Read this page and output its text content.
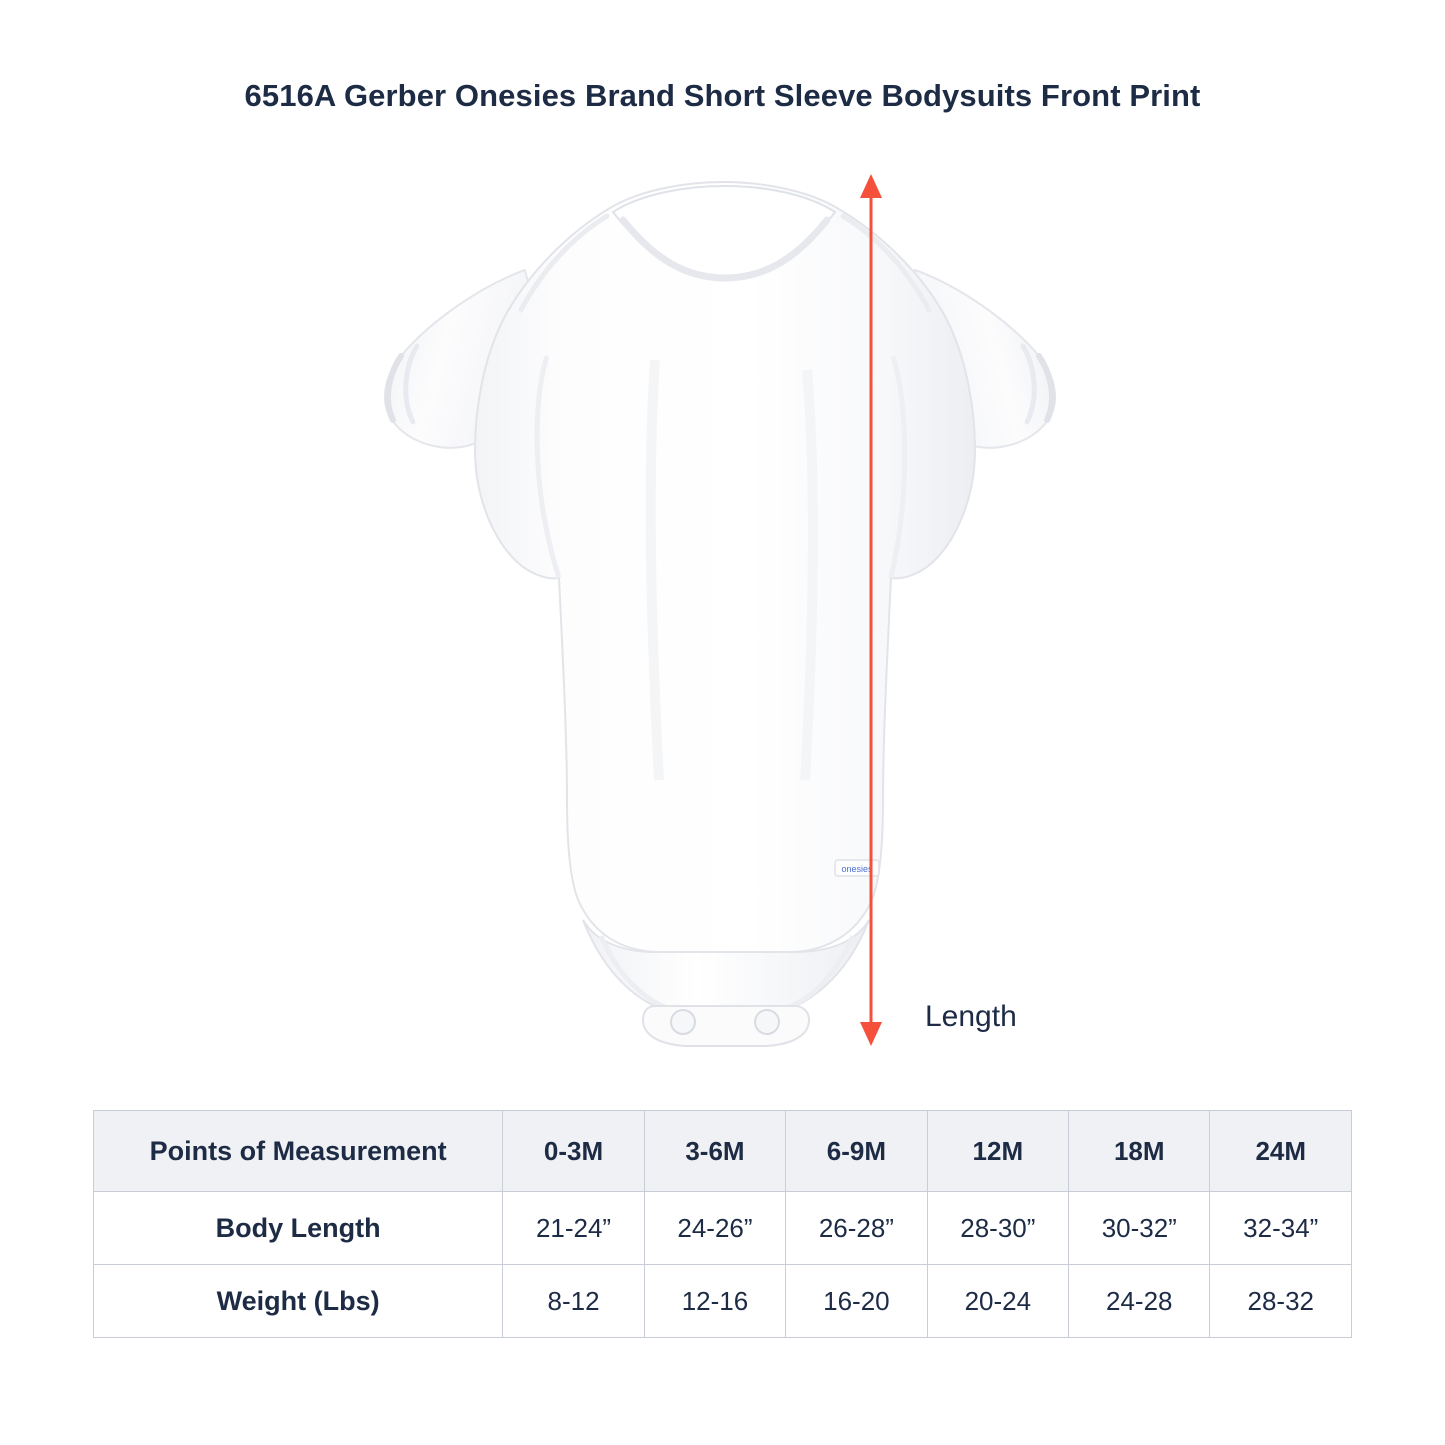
6516A Gerber Onesies Brand Short Sleeve Bodysuits Front Print
onesies
Length
Points of Measurement	0-3M	3-6M	6-9M	12M	18M	24M
Body Length	21-24”	24-26”	26-28”	28-30”	30-32”	32-34”
Weight (Lbs)	8-12	12-16	16-20	20-24	24-28	28-32
